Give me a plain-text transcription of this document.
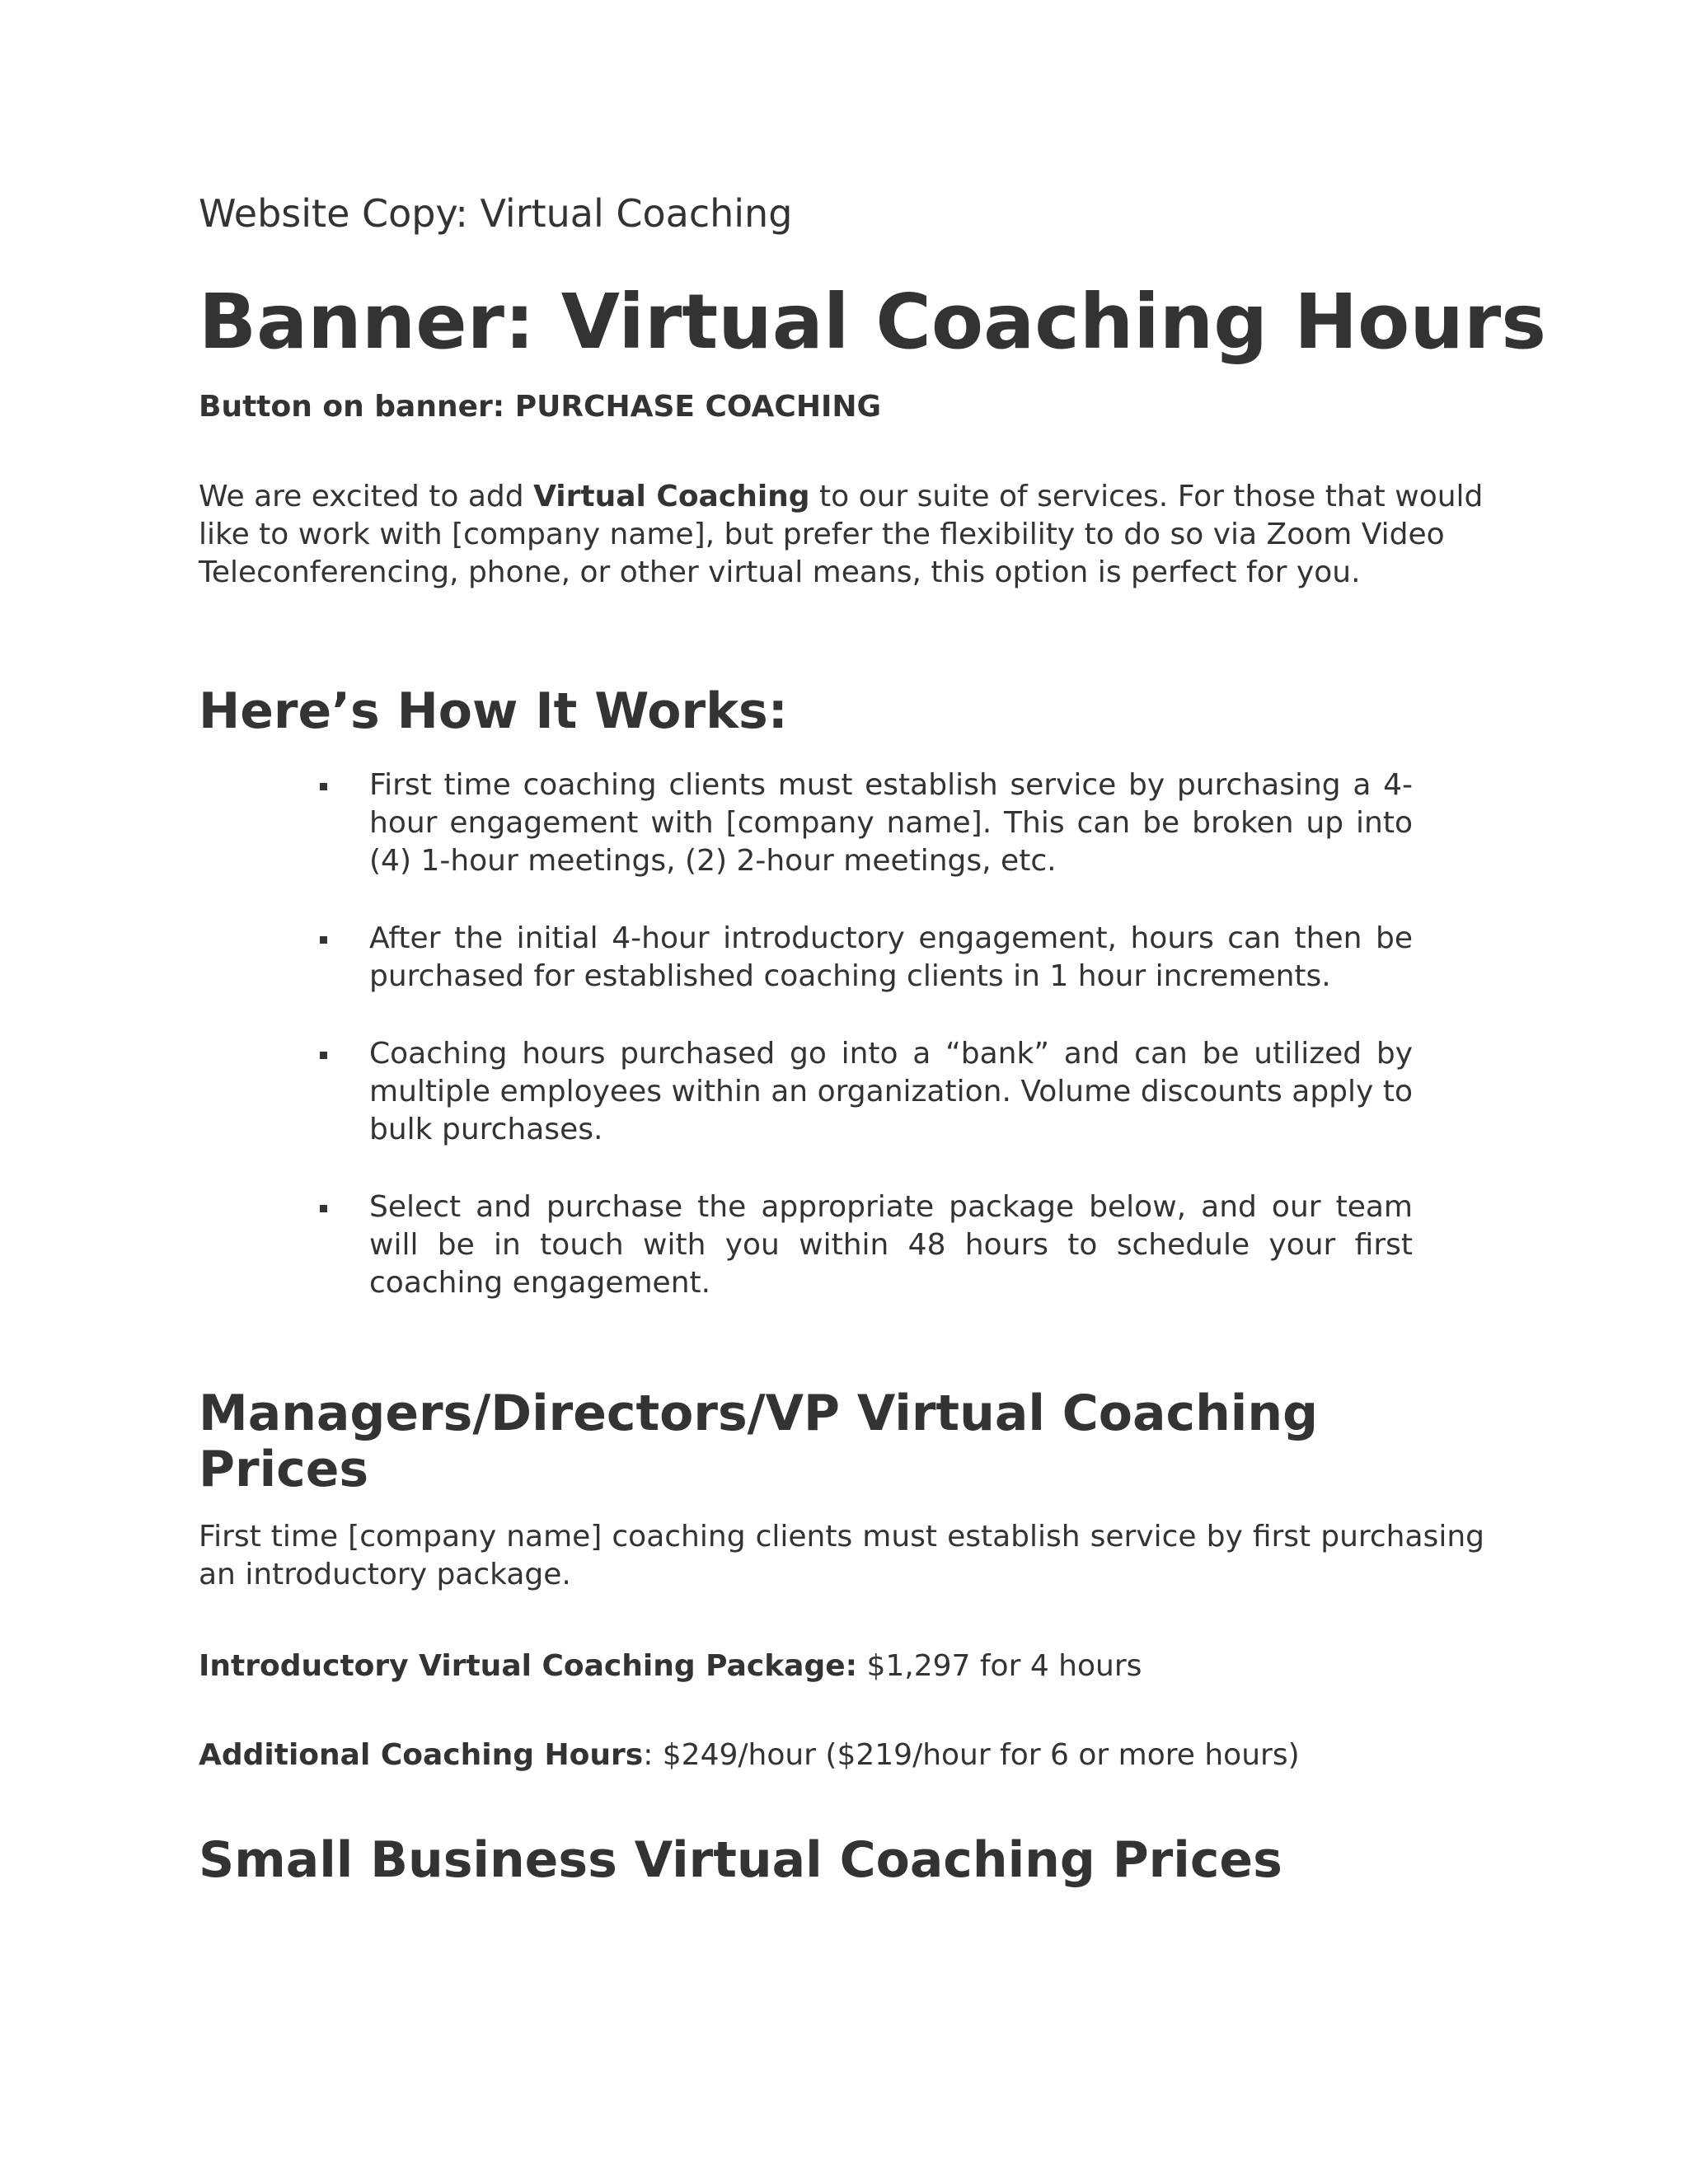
Website Copy: Virtual Coaching

Banner: Virtual Coaching Hours

Button on banner: PURCHASE COACHING

We are excited to add Virtual Coaching to our suite of services. For those that would like to work with [company name], but prefer the flexibility to do so via Zoom Video Teleconferencing, phone, or other virtual means, this option is perfect for you.

Here’s How It Works:
First time coaching clients must establish service by purchasing a 4-hour engagement with [company name]. This can be broken up into (4) 1-hour meetings, (2) 2-hour meetings, etc.
After the initial 4-hour introductory engagement, hours can then be purchased for established coaching clients in 1 hour increments.
Coaching hours purchased go into a “bank” and can be utilized by multiple employees within an organization. Volume discounts apply to bulk purchases.
Select and purchase the appropriate package below, and our team will be in touch with you within 48 hours to schedule your first coaching engagement.
Managers/Directors/VP Virtual Coaching Prices

First time [company name] coaching clients must establish service by first purchasing an introductory package.

Introductory Virtual Coaching Package: $1,297 for 4 hours

Additional Coaching Hours: $249/hour ($219/hour for 6 or more hours)

Small Business Virtual Coaching Prices
